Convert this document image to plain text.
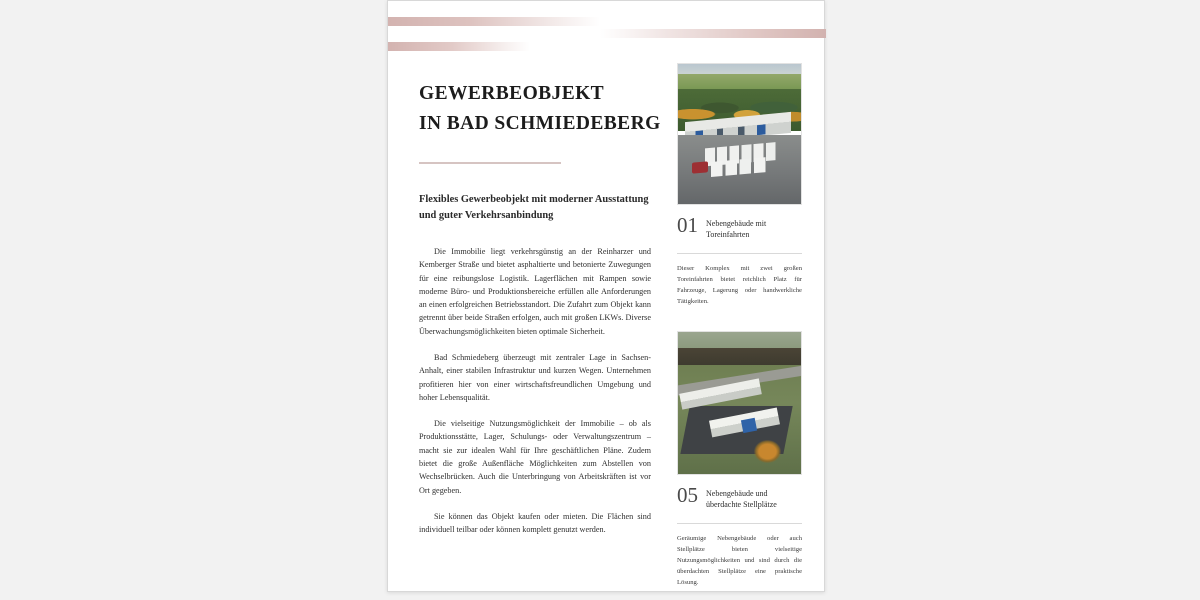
GEWERBEOBJEKT
IN BAD SCHMIEDEBERG
Flexibles Gewerbeobjekt mit moderner Ausstattung und guter Verkehrsanbindung

Die Immobilie liegt verkehrsgünstig an der Reinharzer und Kemberger Straße und bietet asphaltierte und betonierte Zuwegungen für eine reibungslose Logistik. Lagerflächen mit Rampen sowie moderne Büro- und Produktionsbereiche erfüllen alle Anforderungen an einen erfolgreichen Betriebsstandort. Die Zufahrt zum Objekt kann getrennt über beide Straßen erfolgen, auch mit großen LKWs. Diverse Überwachungsmöglichkeiten bieten optimale Sicherheit.

Bad Schmiedeberg überzeugt mit zentraler Lage in Sachsen-Anhalt, einer stabilen Infrastruktur und kurzen Wegen. Unternehmen profitieren hier von einer wirtschaftsfreundlichen Umgebung und hoher Lebensqualität.

Die vielseitige Nutzungsmöglichkeit der Immobilie – ob als Produktionsstätte, Lager, Schulungs- oder Verwaltungszentrum – macht sie zur idealen Wahl für Ihre geschäftlichen Pläne. Zudem bietet die große Außenfläche Möglichkeiten zum Abstellen von Wechselbrücken. Auch die Unterbringung von Arbeitskräften ist vor Ort gegeben.

Sie können das Objekt kaufen oder mieten. Die Flächen sind individuell teilbar oder können komplett genutzt werden.

01 Nebengebäude mit Toreinfahrten
Dieser Komplex mit zwei großen Toreinfahrten bietet reichlich Platz für Fahrzeuge, Lagerung oder handwerkliche Tätigkeiten.
05 Nebengebäude und überdachte Stellplätze
Geräumige Nebengebäude oder auch Stellplätze bieten vielseitige Nutzungsmöglichkeiten und sind durch die überdachten Stellplätze eine praktische Lösung.
